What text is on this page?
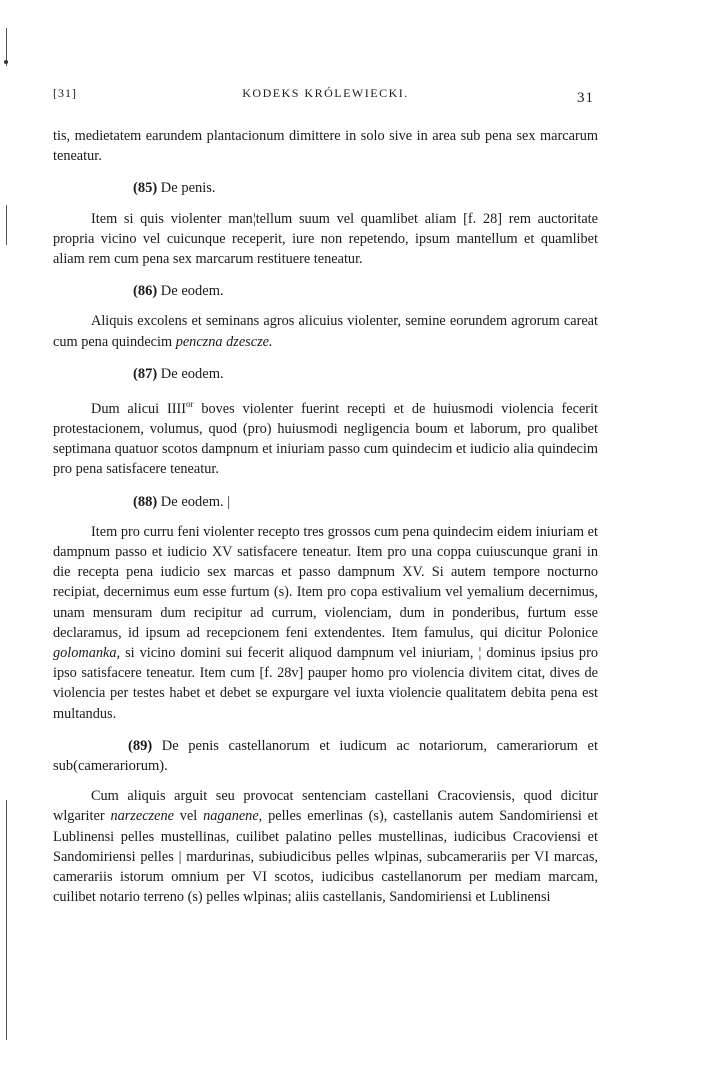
[31]	KODEKS KRÓLEWIECKI.	31

tis, medietatem earundem plantacionum dimittere in solo sive in area sub pena sex marcarum teneatur.

(85) De penis.

Item si quis violenter man¦tellum suum vel quamlibet aliam [f. 28] rem auctoritate propria vicino vel cuicunque receperit, iure non repetendo, ipsum mantellum et quamlibet aliam rem cum pena sex marcarum restituere teneatur.

(86) De eodem.

Aliquis excolens et seminans agros alicuius violenter, semine eorundem agrorum careat cum pena quindecim penczna dzescze.

(87) De eodem.

Dum alicui $IIII^{or}$ boves violenter fuerint recepti et de huiusmodi violencia fecerit protestacionem, volumus, quod (pro) huiusmodi negligencia boum et laborum, pro qualibet septimana quatuor scotos dampnum et iniuriam passo cum quindecim et iudicio alia quindecim pro pena satisfacere teneatur.

(88) De eodem. |

Item pro curru feni violenter recepto tres grossos cum pena quindecim eidem iniuriam et dampnum passo et iudicio XV satisfacere teneatur. Item pro una coppa cuiuscunque grani in die recepta pena iudicio sex marcas et passo dampnum XV. Si autem tempore nocturno recipiat, decernimus eum esse furtum (s). Item pro copa estivalium vel yemalium decernimus, unam mensuram dum recipitur ad currum, violenciam, dum in ponderibus, furtum esse declaramus, id ipsum ad recepcionem feni extendentes. Item famulus, qui dicitur Polonice golomanka, si vicino domini sui fecerit aliquod dampnum vel iniuriam, ¦ dominus ipsius pro ipso satisfacere teneatur. Item cum [f. 28v] pauper homo pro violencia divitem citat, dives de violencia per testes habet et debet se expurgare vel iuxta violencie qualitatem debita pena est multandus.

(89) De penis castellanorum et iudicum ac notariorum, camerariorum et sub(camerariorum).

Cum aliquis arguit seu provocat sentenciam castellani Cracoviensis, quod dicitur wlgariter narzeczene vel naganene, pelles emerlinas (s), castellanis autem Sandomiriensi et Lublinensi pelles mustellinas, cuilibet palatino pelles mustellinas, iudicibus Cracoviensi et Sandomiriensi pelles | mardurinas, subiudicibus pelles wlpinas, subcamerariis per VI marcas, camerariis istorum omnium per VI scotos, iudicibus castellanorum per mediam marcam, cuilibet notario terreno (s) pelles wlpinas; aliis castellanis, Sandomiriensi et Lublinensi
